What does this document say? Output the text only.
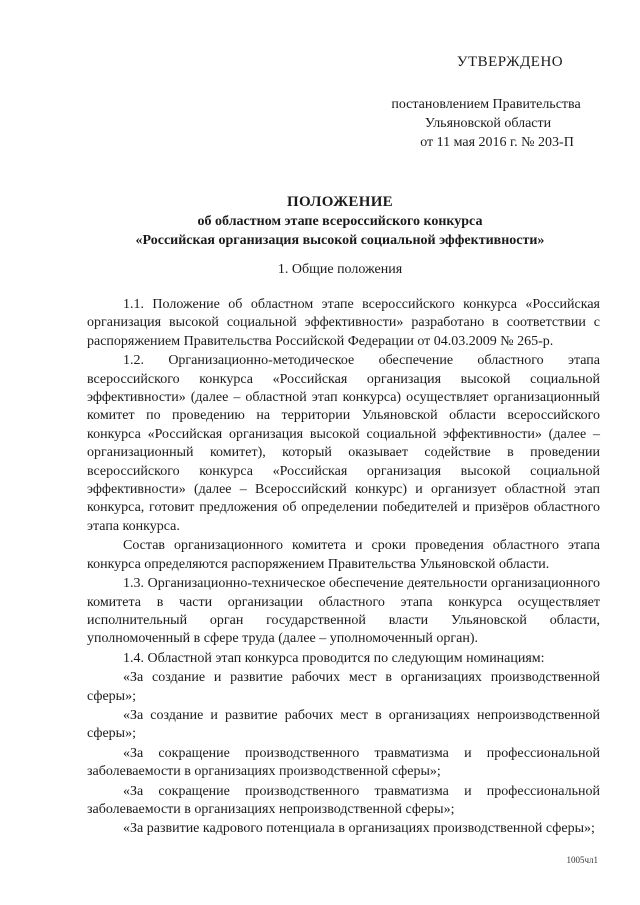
УТВЕРЖДЕНО
постановлением Правительства
Ульяновской области
от 11 мая 2016 г. № 203-П
ПОЛОЖЕНИЕ
об областном этапе всероссийского конкурса
«Российская организация высокой социальной эффективности»
1. Общие положения

1.1. Положение об областном этапе всероссийского конкурса «Российская организация высокой социальной эффективности» разработано в соответствии с распоряжением Правительства Российской Федерации от 04.03.2009 № 265-р.

1.2. Организационно-методическое обеспечение областного этапа всероссийского конкурса «Российская организация высокой социальной эффективности» (далее – областной этап конкурса) осуществляет организационный комитет по проведению на территории Ульяновской области всероссийского конкурса «Российская организация высокой социальной эффективности» (далее – организационный комитет), который оказывает содействие в проведении всероссийского конкурса «Российская организация высокой социальной эффективности» (далее – Всероссийский конкурс) и организует областной этап конкурса, готовит предложения об определении победителей и призёров областного этапа конкурса.

Состав организационного комитета и сроки проведения областного этапа конкурса определяются распоряжением Правительства Ульяновской области.

1.3. Организационно-техническое обеспечение деятельности организационного комитета в части организации областного этапа конкурса осуществляет исполнительный орган государственной власти Ульяновской области, уполномоченный в сфере труда (далее – уполномоченный орган).

1.4. Областной этап конкурса проводится по следующим номинациям:

«За создание и развитие рабочих мест в организациях производственной сферы»;

«За создание и развитие рабочих мест в организациях непроизводственной сферы»;

«За сокращение производственного травматизма и профессиональной заболеваемости в организациях производственной сферы»;

«За сокращение производственного травматизма и профессиональной заболеваемости в организациях непроизводственной сферы»;

«За развитие кадрового потенциала в организациях производственной сферы»;

1005чл1
